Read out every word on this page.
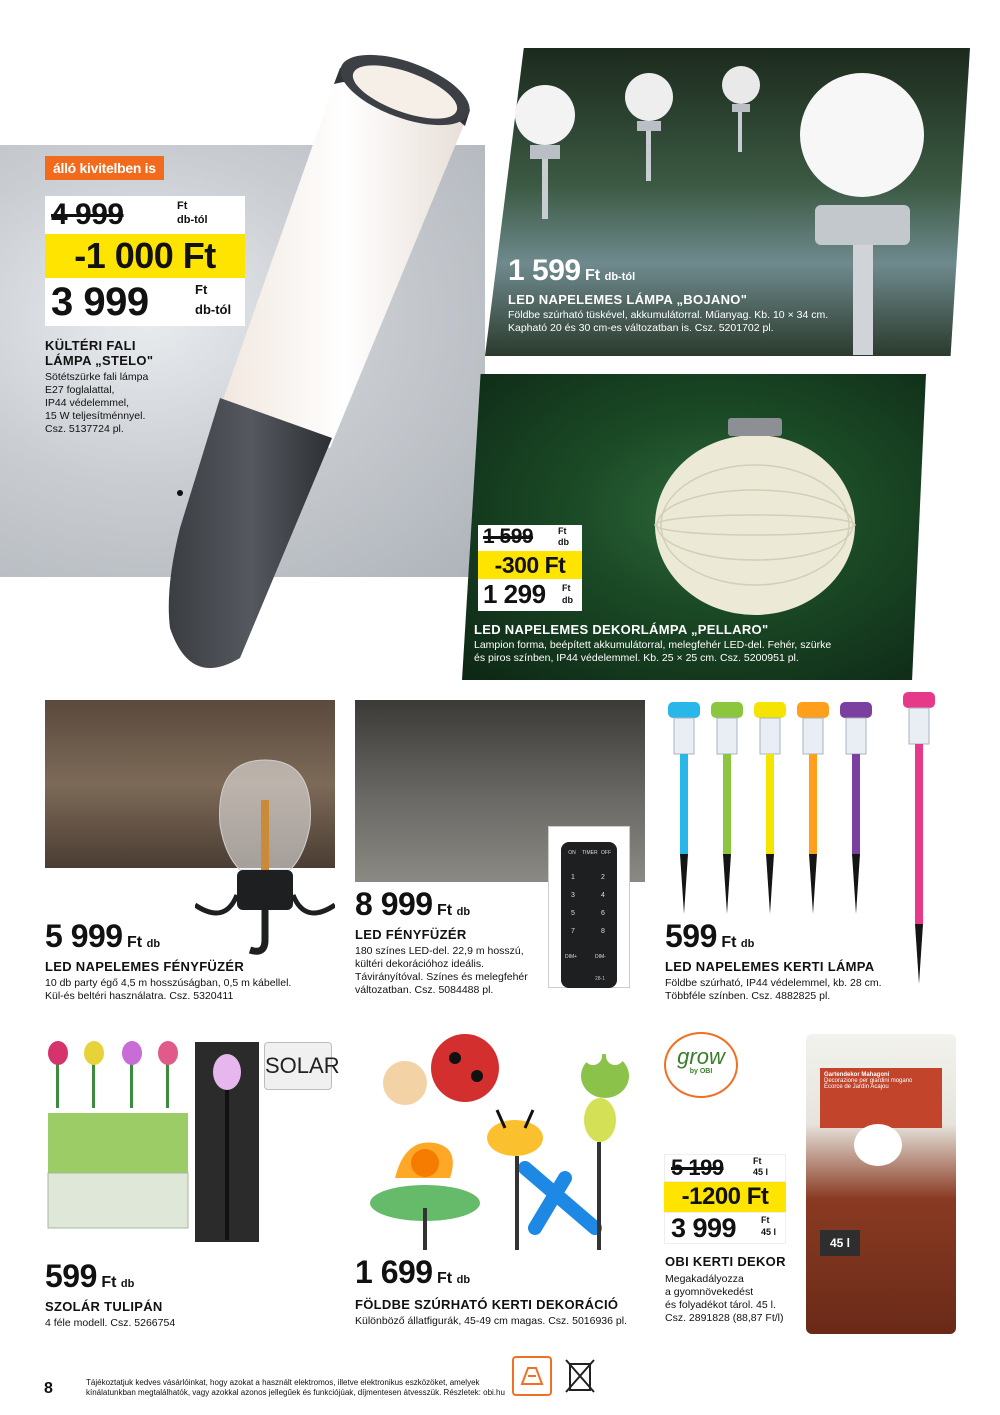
álló kivitelben is
4 999	Ft
db-tól
-1 000 Ft
3 999	Ft
db-tól
KÜLTÉRI FALI
LÁMPA „STELO"
Sötétszürke fali lámpa
E27 foglalattal,
IP44 védelemmel,
15 W teljesítménnyel.
Csz. 5137724 pl.
1 599 Ft db-tól
LED NAPELEMES LÁMPA „BOJANO"
Földbe szúrható tüskével, akkumulátorral. Műanyag. Kb. 10 × 34 cm.
Kapható 20 és 30 cm-es változatban is. Csz. 5201702 pl.
1 599	Ft
db
-300 Ft
1 299 Ft
db
LED NAPELEMES DEKORLÁMPA „PELLARO"
Lampion forma, beépített akkumulátorral, melegfehér LED-del. Fehér, szürke
és piros színben, IP44 védelemmel. Kb. 25 × 25 cm. Csz. 5200951 pl.
5 999 Ft db
LED NAPELEMES FÉNYFÜZÉR
10 db party égő 4,5 m hosszúságban, 0,5 m kábellel.
Kül-és beltéri használatra. Csz. 5320411
ON	TIMER OFF
1	2
3	4
5	6
7	8
DIM+	DIM-
28-1
8 999 Ft db
LED FÉNYFÜZÉR
180 színes LED-del. 22,9 m hosszú,
kültéri dekorációhoz ideális.
Távirányítóval. Színes és melegfehér
változatban. Csz. 5084488 pl.
599 Ft db
LED NAPELEMES KERTI LÁMPA
Földbe szúrható, IP44 védelemmel, kb. 28 cm.
Többféle színben. Csz. 4882825 pl.
SOLAR
599 Ft db
SZOLÁR TULIPÁN
4 féle modell. Csz. 5266754
1 699 Ft db
FÖLDBE SZÚRHATÓ KERTI DEKORÁCIÓ
Különböző állatfigurák, 45-49 cm magas. Csz. 5016936 pl.
grow
by OBI	Gartendekor Mahagoni
Decorazione per giardini mogano
Écorce de Jardin Acajou
45 l
5 199	Ft
45 l
-1200 Ft
3 999	Ft
45 l
OBI KERTI DEKOR
Megakadályozza
a gyomnövekedést
és folyadékot tárol. 45 l.
Csz. 2891828 (88,87 Ft/l)
8	Tájékoztatjuk kedves vásárlóinkat, hogy azokat a használt elektromos, illetve elektronikus eszközöket, amelyek
kínálatunkban megtalálhatók, vagy azokkal azonos jellegűek és funkciójúak, díjmentesen átvesszük. Részletek: obi.hu
